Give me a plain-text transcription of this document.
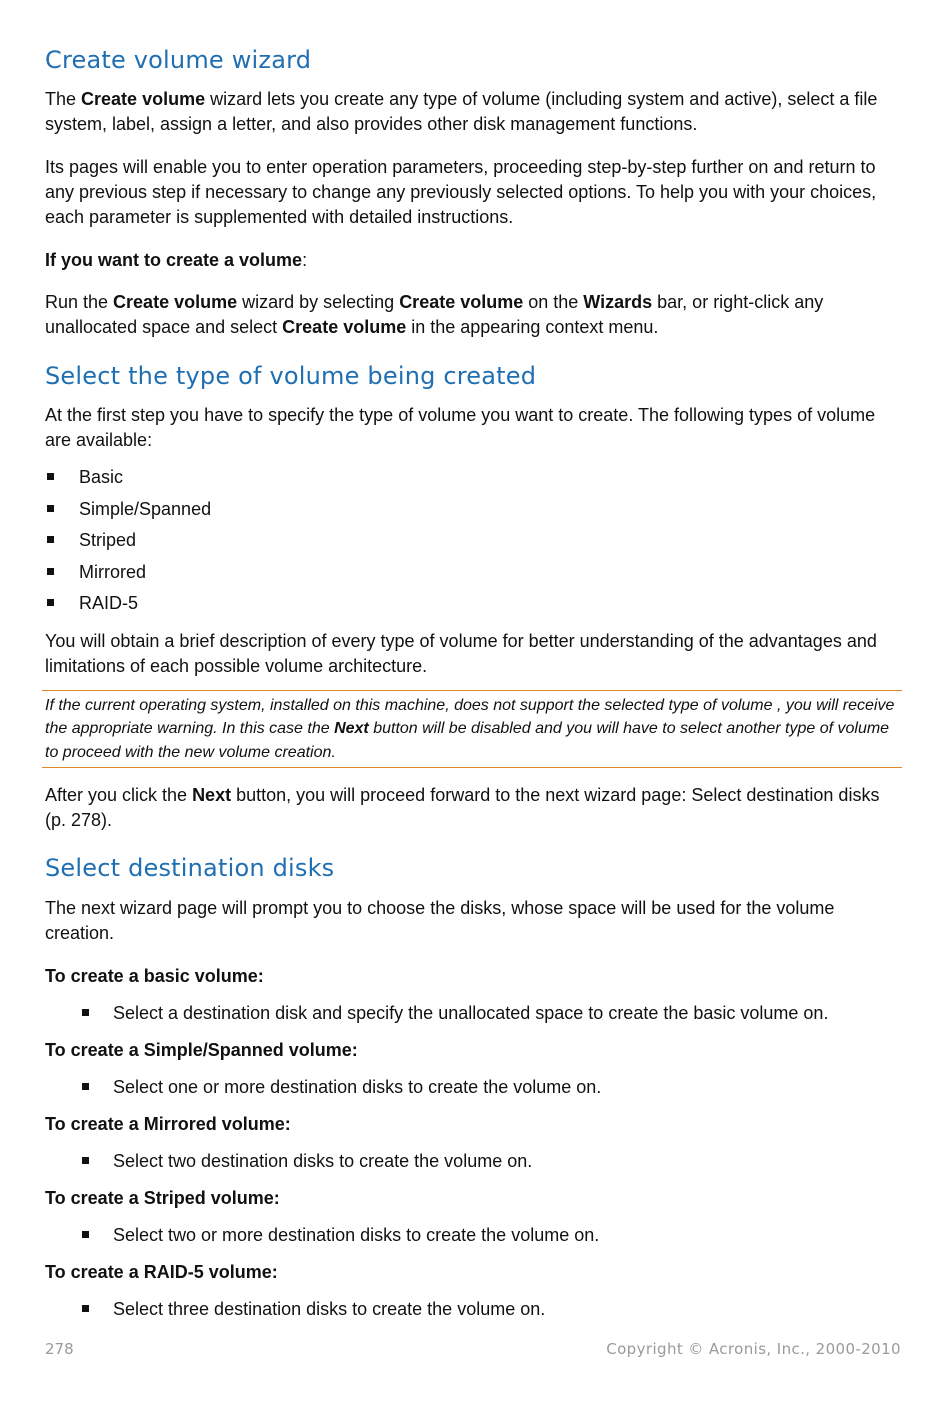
Create volume wizard

The Create volume wizard lets you create any type of volume (including system and active), select a file system, label, assign a letter, and also provides other disk management functions.

Its pages will enable you to enter operation parameters, proceeding step-by-step further on and return to any previous step if necessary to change any previously selected options. To help you with your choices, each parameter is supplemented with detailed instructions.

If you want to create a volume:

Run the Create volume wizard by selecting Create volume on the Wizards bar, or right-click any unallocated space and select Create volume in the appearing context menu.

Select the type of volume being created

At the first step you have to specify the type of volume you want to create. The following types of volume are available:

Basic
Simple/Spanned
Striped
Mirrored
RAID-5

You will obtain a brief description of every type of volume for better understanding of the advantages and limitations of each possible volume architecture.

If the current operating system, installed on this machine, does not support the selected type of volume , you will receive the appropriate warning. In this case the Next button will be disabled and you will have to select another type of volume to proceed with the new volume creation.

After you click the Next button, you will proceed forward to the next wizard page: Select destination disks (p. 278).

Select destination disks

The next wizard page will prompt you to choose the disks, whose space will be used for the volume creation.

To create a basic volume:

Select a destination disk and specify the unallocated space to create the basic volume on.

To create a Simple/Spanned volume:

Select one or more destination disks to create the volume on.

To create a Mirrored volume:

Select two destination disks to create the volume on.

To create a Striped volume:

Select two or more destination disks to create the volume on.

To create a RAID-5 volume:

Select three destination disks to create the volume on.
278	Copyright © Acronis, Inc., 2000-2010
